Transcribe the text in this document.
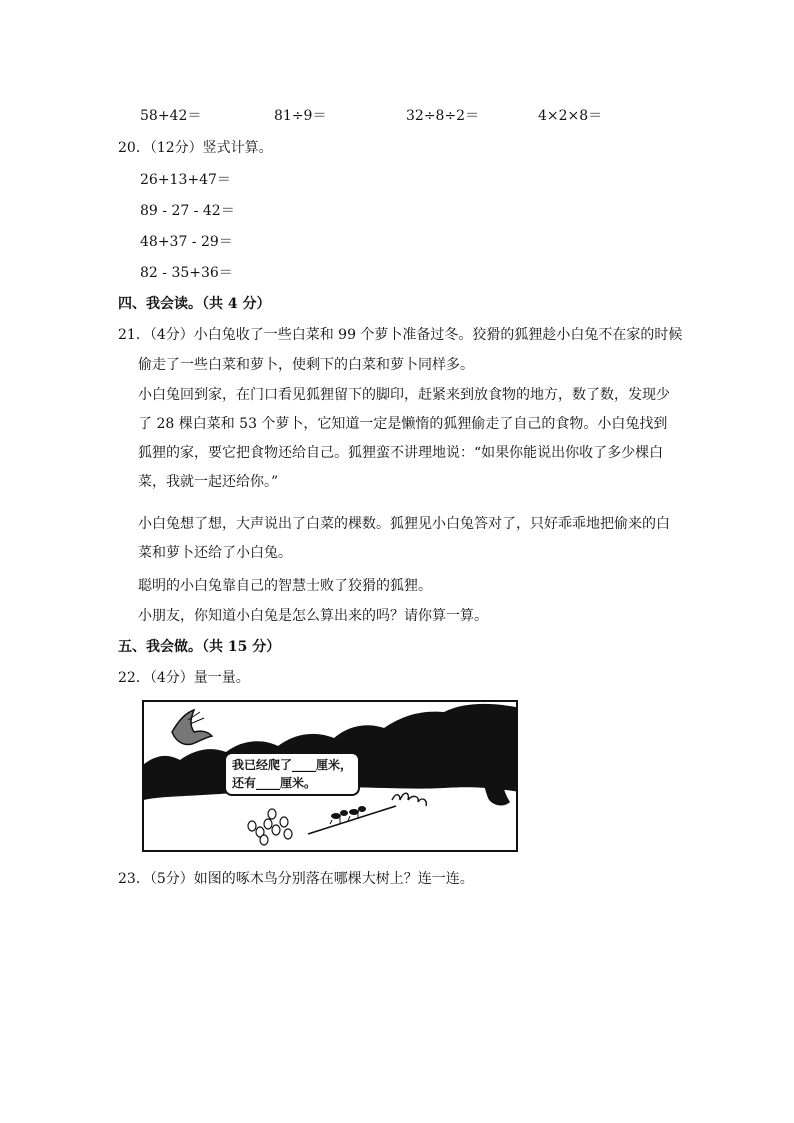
58+42＝	81÷9＝	32÷8÷2＝	4×2×8＝
20．（12分）竖式计算。
26+13+47＝
89 - 27 - 42＝
48+37 - 29＝
82 - 35+36＝
四、我会读。（共 4 分）
21．（4分）小白兔收了一些白菜和 99 个萝卜准备过冬。狡猾的狐狸趁小白兔不在家的时候
偷走了一些白菜和萝卜，使剩下的白菜和萝卜同样多。
小白兔回到家，在门口看见狐狸留下的脚印，赶紧来到放食物的地方，数了数，发现少了 28 棵白菜和 53 个萝卜，它知道一定是懒惰的狐狸偷走了自己的食物。小白兔找到狐狸的家，要它把食物还给自己。狐狸蛮不讲理地说：“如果你能说出你收了多少棵白菜，我就一起还给你。”
小白兔想了想，大声说出了白菜的棵数。狐狸见小白兔答对了，只好乖乖地把偷来的白菜和萝卜还给了小白兔。
聪明的小白兔靠自己的智慧士败了狡猾的狐狸。
小朋友，你知道小白兔是怎么算出来的吗？请你算一算。
五、我会做。（共 15 分）
22．（4分）量一量。
快下雨了。
我已经爬了____厘米，
还有____厘米。
23．（5分）如图的啄木鸟分别落在哪棵大树上？连一连。
